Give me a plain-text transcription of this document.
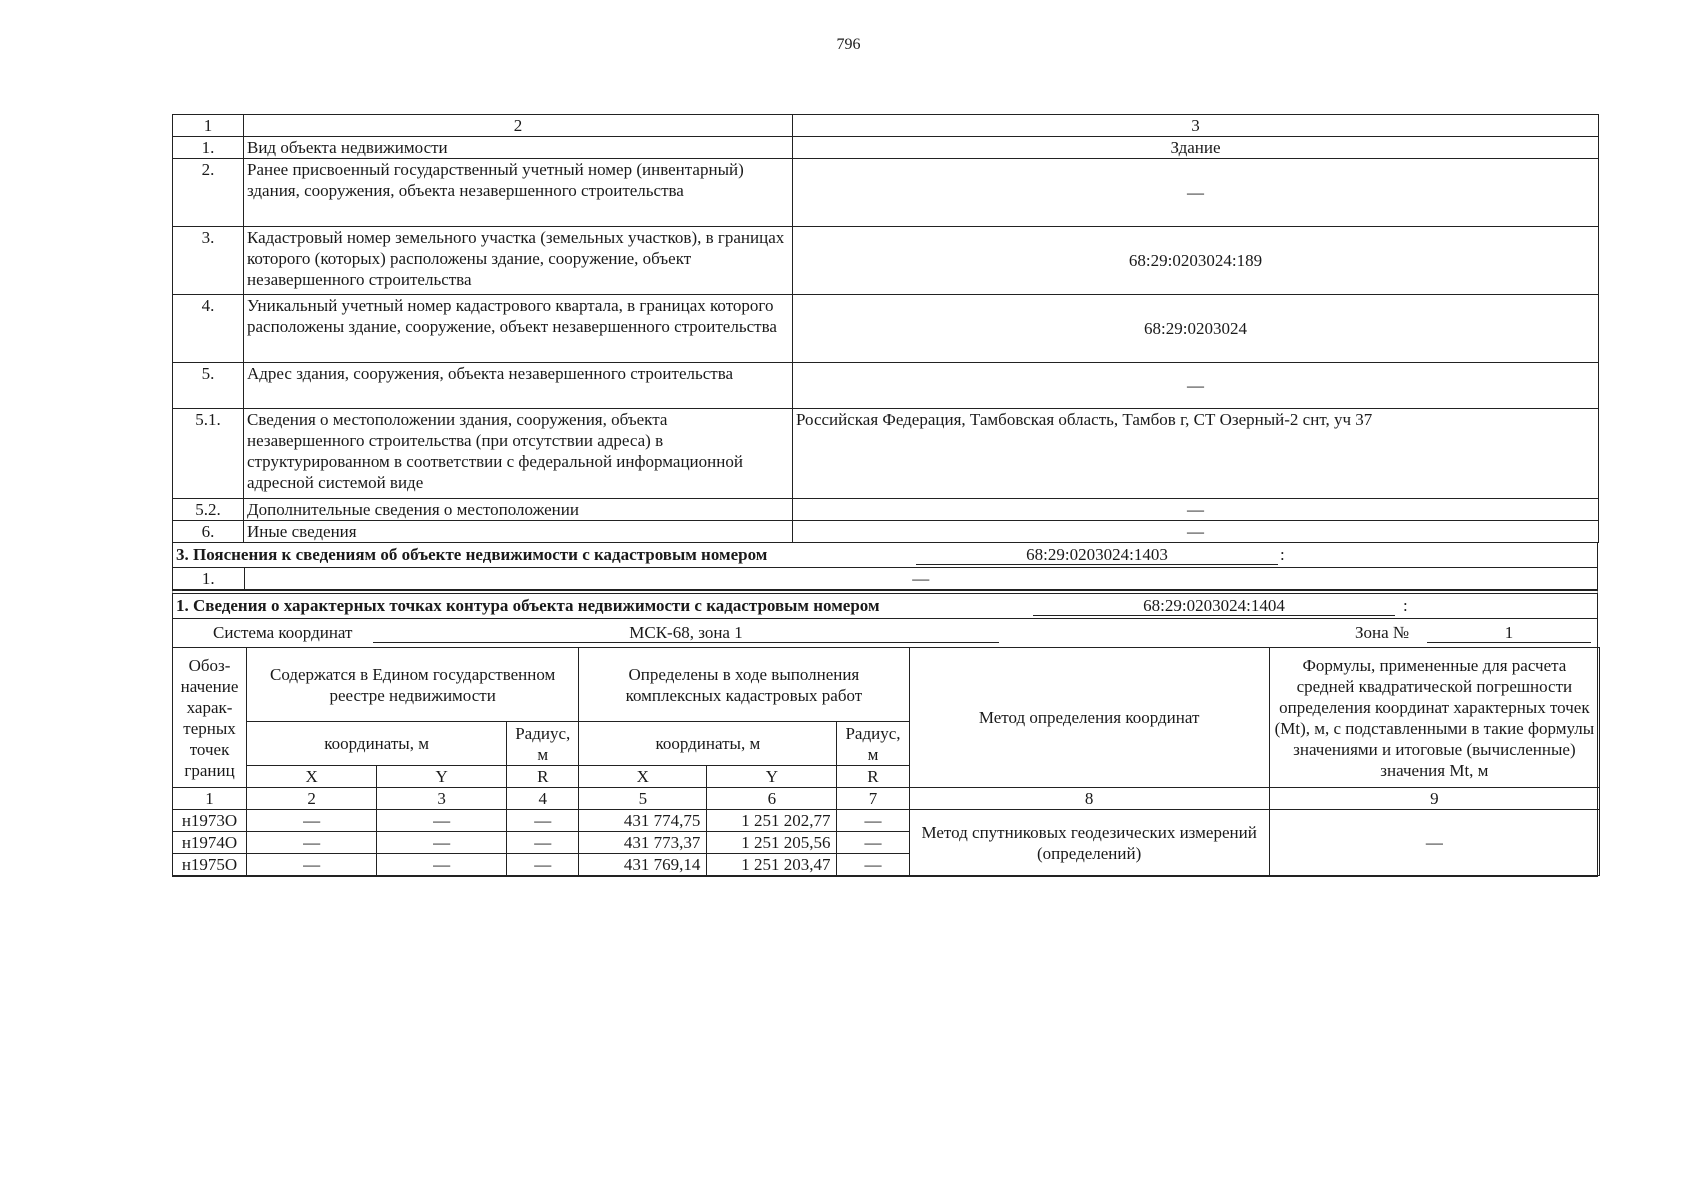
796
1	2	3
1.	Вид объекта недвижимости	Здание
2.	Ранее присвоенный государственный учетный номер (инвентарный) здания, сооружения, объекта незавершенного строительства	—
3.	Кадастровый номер земельного участка (земельных участков), в границах которого (которых) расположены здание, сооружение, объект незавершенного строительства	68:29:0203024:189
4.	Уникальный учетный номер кадастрового квартала, в границах которого расположены здание, сооружение, объект незавершенного строительства	68:29:0203024
5.	Адрес здания, сооружения, объекта незавершенного строительства	—
5.1.	Сведения о местоположении здания, сооружения, объекта незавершенного строительства (при отсутствии адреса) в структурированном в соответствии с федеральной информационной адресной системой виде	Российская Федерация, Тамбовская область, Тамбов г, СТ Озерный-2 снт, уч 37
5.2.	Дополнительные сведения о местоположении	—
6.	Иные сведения	—
3. Пояснения к сведениям об объекте недвижимости с кадастровым номером	68:29:0203024:1403	:
1.	—
1. Сведения о характерных точках контура объекта недвижимости с кадастровым номером	68:29:0203024:1404	:
Система координат	МСК-68, зона 1	Зона №	1
Обоз-начение харак-терных точек границ	Содержатся в Едином государственном реестре недвижимости			Определены в ходе выполнения комплексных кадастровых работ			Метод определения координат	Формулы, примененные для расчета средней квадратической погрешности определения координат характерных точек (Mt), м, с подставленными в такие формулы значениями и итоговые (вычисленные) значения Mt, м
	координаты, м		Радиус, м	координаты, м		Радиус, м		
	X	Y	R	X	Y	R		
1	2	3	4	5	6	7	8	9
н1973О	—	—	—	431 774,75	1 251 202,77	—	Метод спутниковых геодезических измерений (определений)	—
н1974О	—	—	—	431 773,37	1 251 205,56	—		
н1975О	—	—	—	431 769,14	1 251 203,47	—		
